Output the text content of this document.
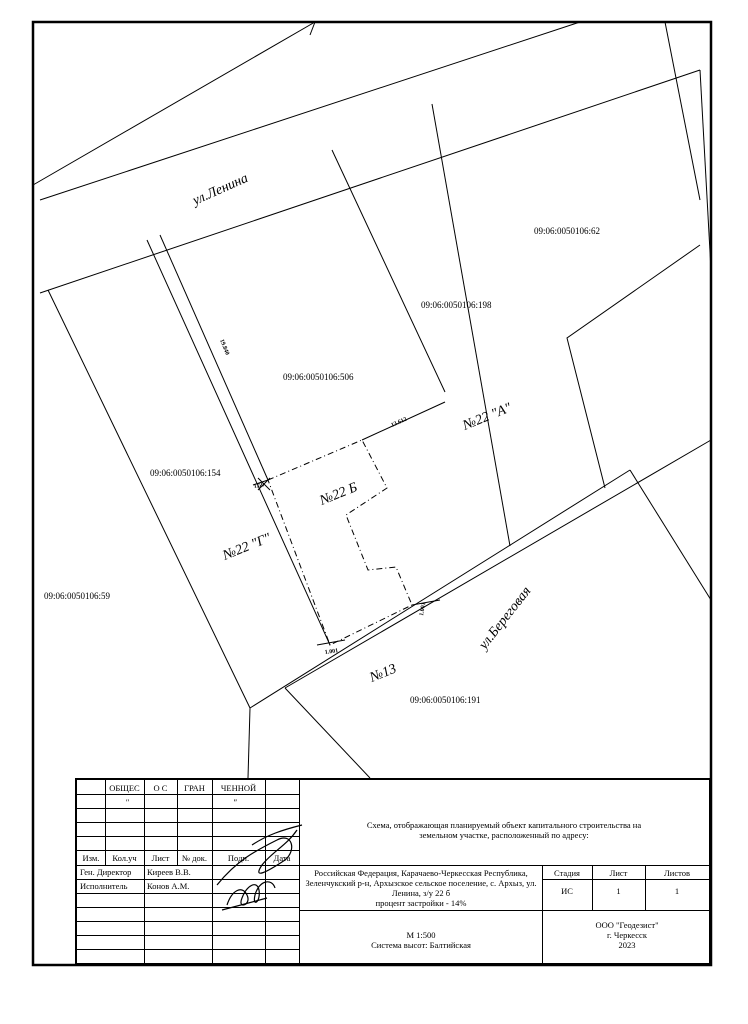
ул.Ленина
ул.Береговая
09:06:0050106:62
09:06:0050106:198
09:06:0050106:506
09:06:0050106:154
09:06:0050106:59
09:06:0050106:191
№22 "А"
№22 Б
№22 "Г"
№13
19.840
13.612
1.50
1.001
1.001
ОБЩЕС	О С	ГРАН	ЧЕННОЙ
"	"
Изм.	Кол.уч	Лист	№ док.	Подп.	Дата
Ген. Директор	Киреев В.В.
Исполнитель	Конов А.М.
Схема, отображающая планируемый объект капитального строительства на земельном участке, расположенный по адресу:
Российская Федерация, Карачаево-Черкесская Республика, Зеленчукский р-н, Архызское сельское поселение, с. Архыз, ул. Ленина, з/у 22 б
процент застройки - 14%
Стадия	Лист	Листов
ИС	1	1
М 1:500
Система высот: Балтийская
ООО "Геодезист"
г. Черкесск
2023
